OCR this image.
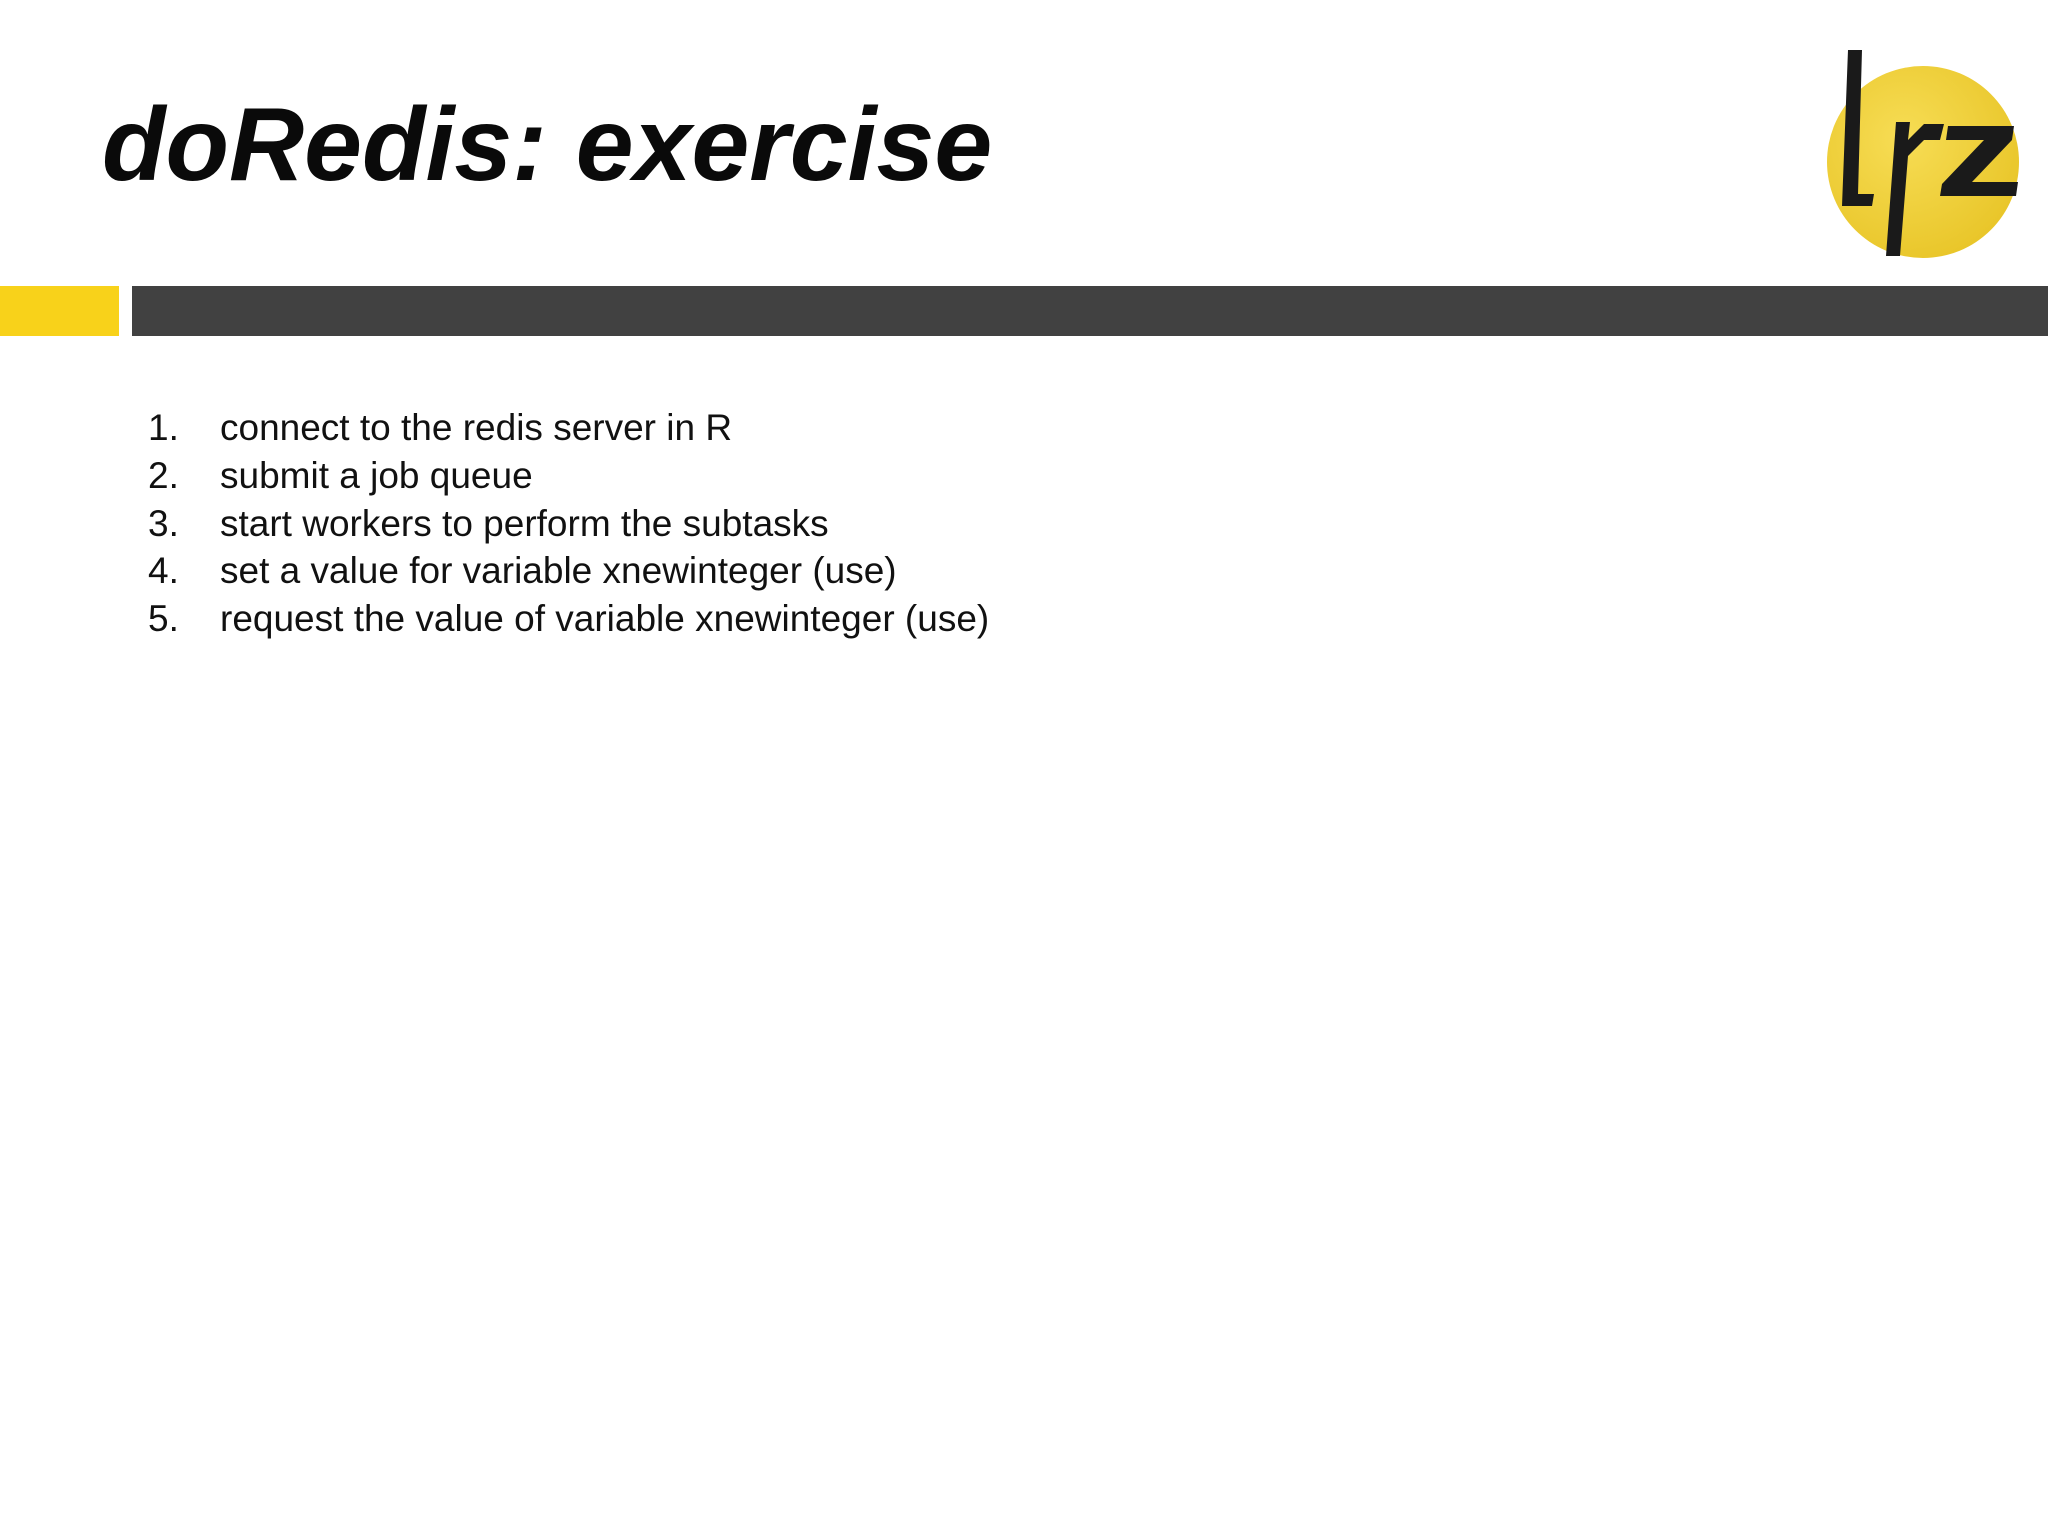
doRedis: exercise
1.	connect to the redis server in R
2.	submit a job queue
3.	start workers to perform the subtasks
4.	set a value for variable xnewinteger (use)
5.	request the value of variable xnewinteger (use)
